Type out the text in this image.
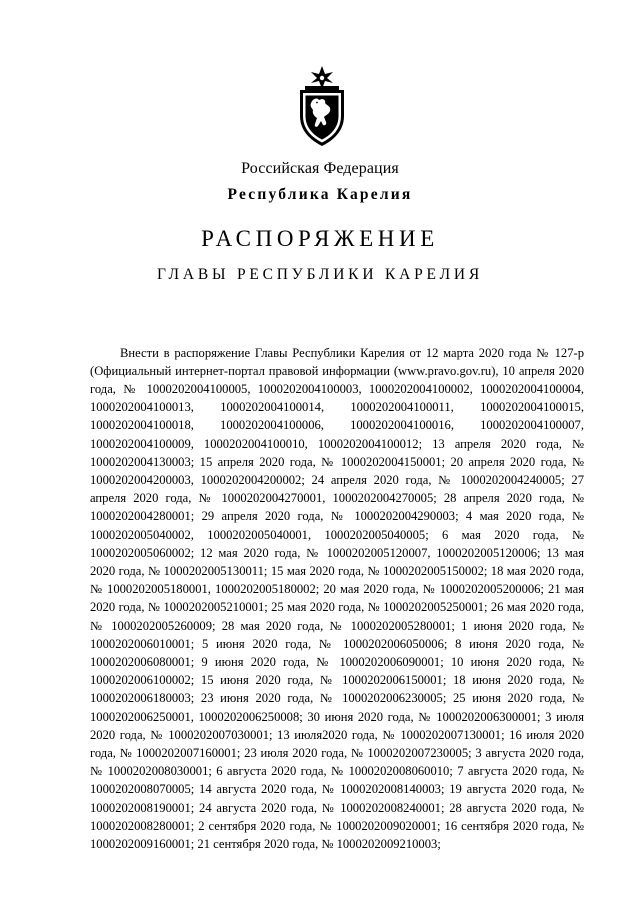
Российская Федерация
Республика Карелия
РАСПОРЯЖЕНИЕ
ГЛАВЫ РЕСПУБЛИКИ КАРЕЛИЯ

Внести в распоряжение Главы Республики Карелия от 12 марта 2020 года № 127-р (Официальный интернет-портал правовой информации (www.pravo.gov.ru), 10 апреля 2020 года, № 1000202004100005, 1000202004100003, 1000202004100002, 1000202004100004, 1000202004100013, 1000202004100014, 1000202004100011, 1000202004100015, 1000202004100018, 1000202004100006, 1000202004100016, 1000202004100007, 1000202004100009, 1000202004100010, 1000202004100012; 13 апреля 2020 года, № 1000202004130003; 15 апреля 2020 года, № 1000202004150001; 20 апреля 2020 года, № 1000202004200003, 1000202004200002; 24 апреля 2020 года, № 1000202004240005; 27 апреля 2020 года, № 1000202004270001, 1000202004270005; 28 апреля 2020 года, № 1000202004280001; 29 апреля 2020 года, № 1000202004290003; 4 мая 2020 года, № 1000202005040002, 1000202005040001, 1000202005040005; 6 мая 2020 года, № 1000202005060002; 12 мая 2020 года, № 1000202005120007, 1000202005120006; 13 мая 2020 года, № 1000202005130011; 15 мая 2020 года, № 1000202005150002; 18 мая 2020 года, № 1000202005180001, 1000202005180002; 20 мая 2020 года, № 1000202005200006; 21 мая 2020 года, № 1000202005210001; 25 мая 2020 года, № 1000202005250001; 26 мая 2020 года, № 1000202005260009; 28 мая 2020 года, № 1000202005280001; 1 июня 2020 года, № 1000202006010001; 5 июня 2020 года, № 1000202006050006; 8 июня 2020 года, № 1000202006080001; 9 июня 2020 года, № 1000202006090001; 10 июня 2020 года, № 1000202006100002; 15 июня 2020 года, № 1000202006150001; 18 июня 2020 года, № 1000202006180003; 23 июня 2020 года, № 1000202006230005; 25 июня 2020 года, № 1000202006250001, 1000202006250008; 30 июня 2020 года, № 1000202006300001; 3 июля 2020 года, № 1000202007030001; 13 июля2020 года, № 1000202007130001; 16 июля 2020 года, № 1000202007160001; 23 июля 2020 года, № 1000202007230005; 3 августа 2020 года, № 1000202008030001; 6 августа 2020 года, № 1000202008060010; 7 августа 2020 года, № 1000202008070005; 14 августа 2020 года, № 1000202008140003; 19 августа 2020 года, № 1000202008190001; 24 августа 2020 года, № 1000202008240001; 28 августа 2020 года, № 1000202008280001; 2 сентября 2020 года, № 1000202009020001; 16 сентября 2020 года, № 1000202009160001; 21 сентября 2020 года, № 1000202009210003;
